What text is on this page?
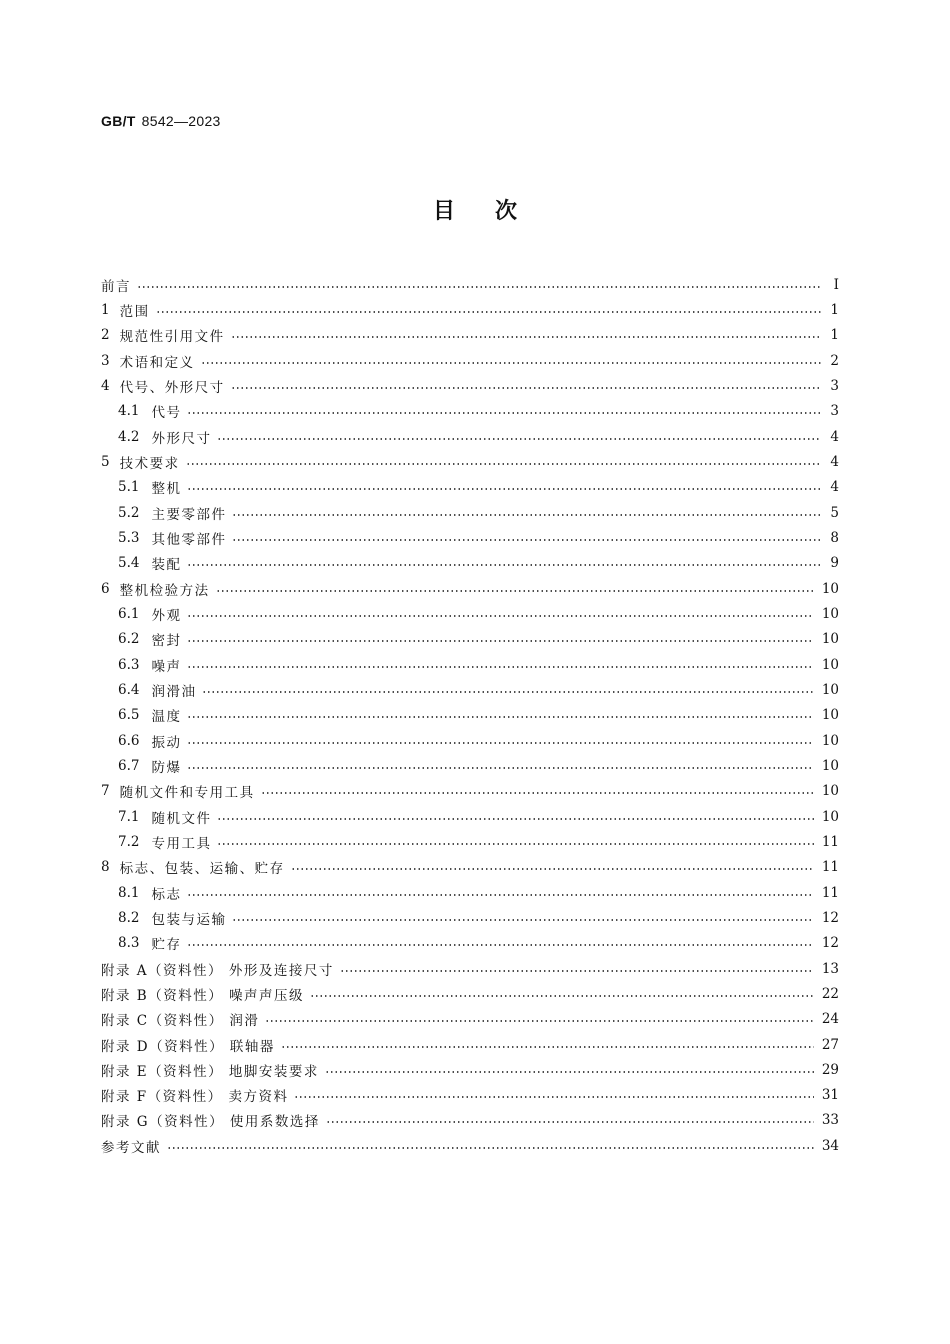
GB/T 8542—2023
目次
前言	Ⅰ
1 范围	1
2 规范性引用文件	1
3 术语和定义	2
4 代号、外形尺寸	3
4.1 代号	3
4.2 外形尺寸	4
5 技术要求	4
5.1 整机	4
5.2 主要零部件	5
5.3 其他零部件	8
5.4 装配	9
6 整机检验方法	10
6.1 外观	10
6.2 密封	10
6.3 噪声	10
6.4 润滑油	10
6.5 温度	10
6.6 振动	10
6.7 防爆	10
7 随机文件和专用工具	10
7.1 随机文件	10
7.2 专用工具	11
8 标志、包装、运输、贮存	11
8.1 标志	11
8.2 包装与运输	12
8.3 贮存	12
附录 A（资料性） 外形及连接尺寸	13
附录 B（资料性） 噪声声压级	22
附录 C（资料性） 润滑	24
附录 D（资料性） 联轴器	27
附录 E（资料性） 地脚安装要求	29
附录 F（资料性） 卖方资料	31
附录 G（资料性） 使用系数选择	33
参考文献	34
